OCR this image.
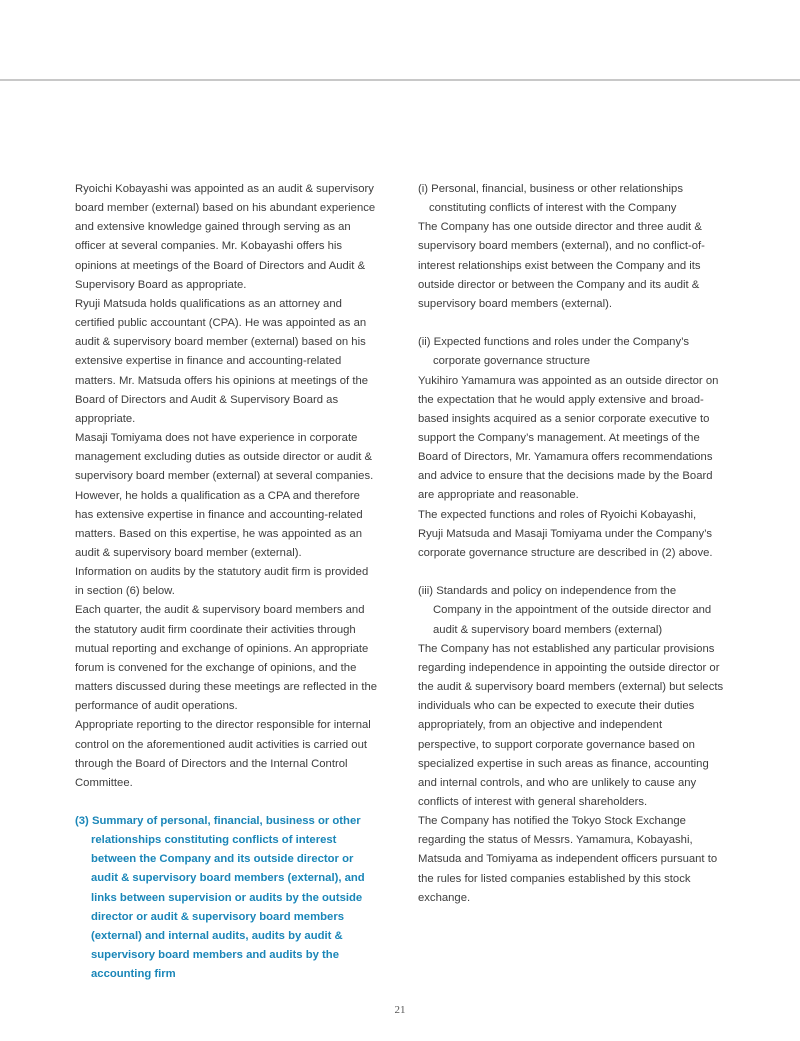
Ryoichi Kobayashi was appointed as an audit & supervisory
board member (external) based on his abundant experience
and extensive knowledge gained through serving as an
officer at several companies. Mr. Kobayashi offers his
opinions at meetings of the Board of Directors and Audit &
Supervisory Board as appropriate.
Ryuji Matsuda holds qualifications as an attorney and
certified public accountant (CPA). He was appointed as an
audit & supervisory board member (external) based on his
extensive expertise in finance and accounting-related
matters. Mr. Matsuda offers his opinions at meetings of the
Board of Directors and Audit & Supervisory Board as
appropriate.
Masaji Tomiyama does not have experience in corporate
management excluding duties as outside director or audit &
supervisory board member (external) at several companies.
However, he holds a qualification as a CPA and therefore
has extensive expertise in finance and accounting-related
matters. Based on this expertise, he was appointed as an
audit & supervisory board member (external).
Information on audits by the statutory audit firm is provided
in section (6) below.
Each quarter, the audit & supervisory board members and
the statutory audit firm coordinate their activities through
mutual reporting and exchange of opinions. An appropriate
forum is convened for the exchange of opinions, and the
matters discussed during these meetings are reflected in the
performance of audit operations.
Appropriate reporting to the director responsible for internal
control on the aforementioned audit activities is carried out
through the Board of Directors and the Internal Control
Committee.
(3) Summary of personal, financial, business or other
relationships constituting conflicts of interest
between the Company and its outside director or
audit & supervisory board members (external), and
links between supervision or audits by the outside
director or audit & supervisory board members
(external) and internal audits, audits by audit &
supervisory board members and audits by the
accounting firm
(i) Personal, financial, business or other relationships
constituting conflicts of interest with the Company
The Company has one outside director and three audit &
supervisory board members (external), and no conflict-of-
interest relationships exist between the Company and its
outside director or between the Company and its audit &
supervisory board members (external).
(ii) Expected functions and roles under the Company’s
corporate governance structure
Yukihiro Yamamura was appointed as an outside director on
the expectation that he would apply extensive and broad-
based insights acquired as a senior corporate executive to
support the Company’s management. At meetings of the
Board of Directors, Mr. Yamamura offers recommendations
and advice to ensure that the decisions made by the Board
are appropriate and reasonable.
The expected functions and roles of Ryoichi Kobayashi,
Ryuji Matsuda and Masaji Tomiyama under the Company’s
corporate governance structure are described in (2) above.
(iii) Standards and policy on independence from the
Company in the appointment of the outside director and
audit & supervisory board members (external)
The Company has not established any particular provisions
regarding independence in appointing the outside director or
the audit & supervisory board members (external) but selects
individuals who can be expected to execute their duties
appropriately, from an objective and independent
perspective, to support corporate governance based on
specialized expertise in such areas as finance, accounting
and internal controls, and who are unlikely to cause any
conflicts of interest with general shareholders.
The Company has notified the Tokyo Stock Exchange
regarding the status of Messrs. Yamamura, Kobayashi,
Matsuda and Tomiyama as independent officers pursuant to
the rules for listed companies established by this stock
exchange.
21
